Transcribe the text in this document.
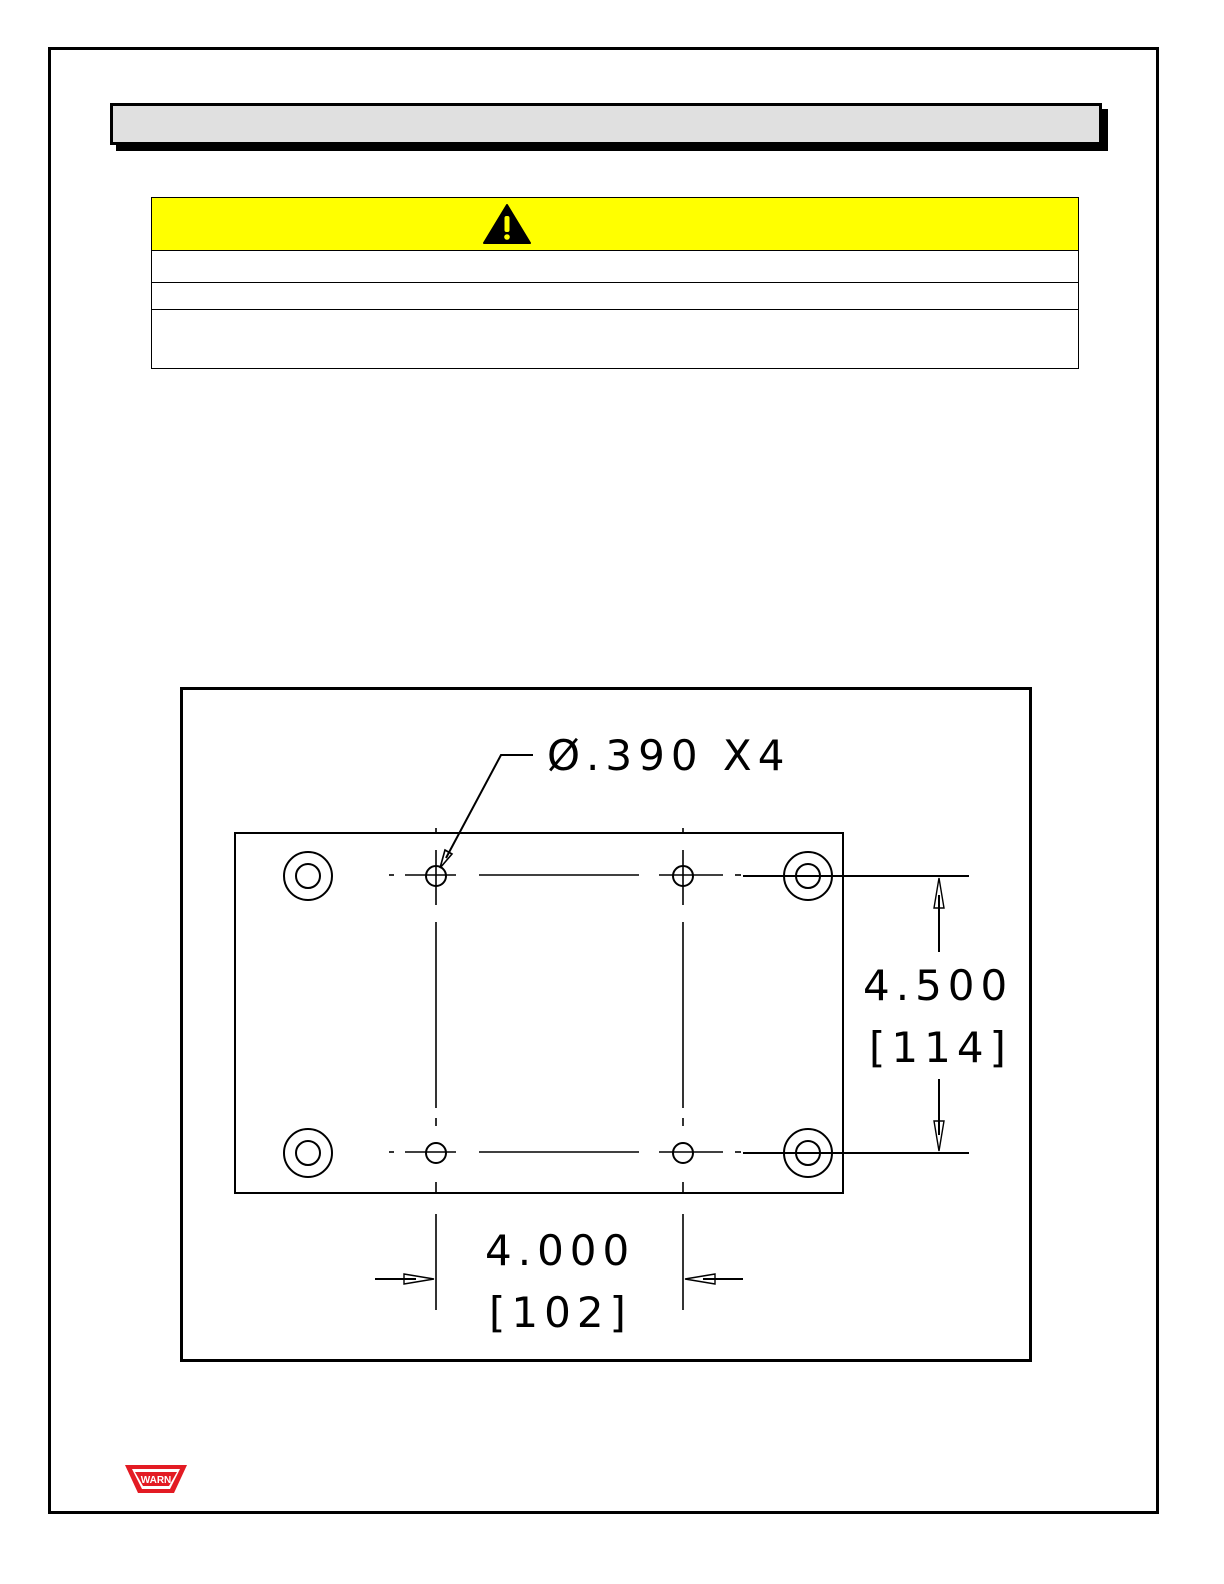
Ø.390 X4
4.500
[114]
4.000
[102]
WARN
